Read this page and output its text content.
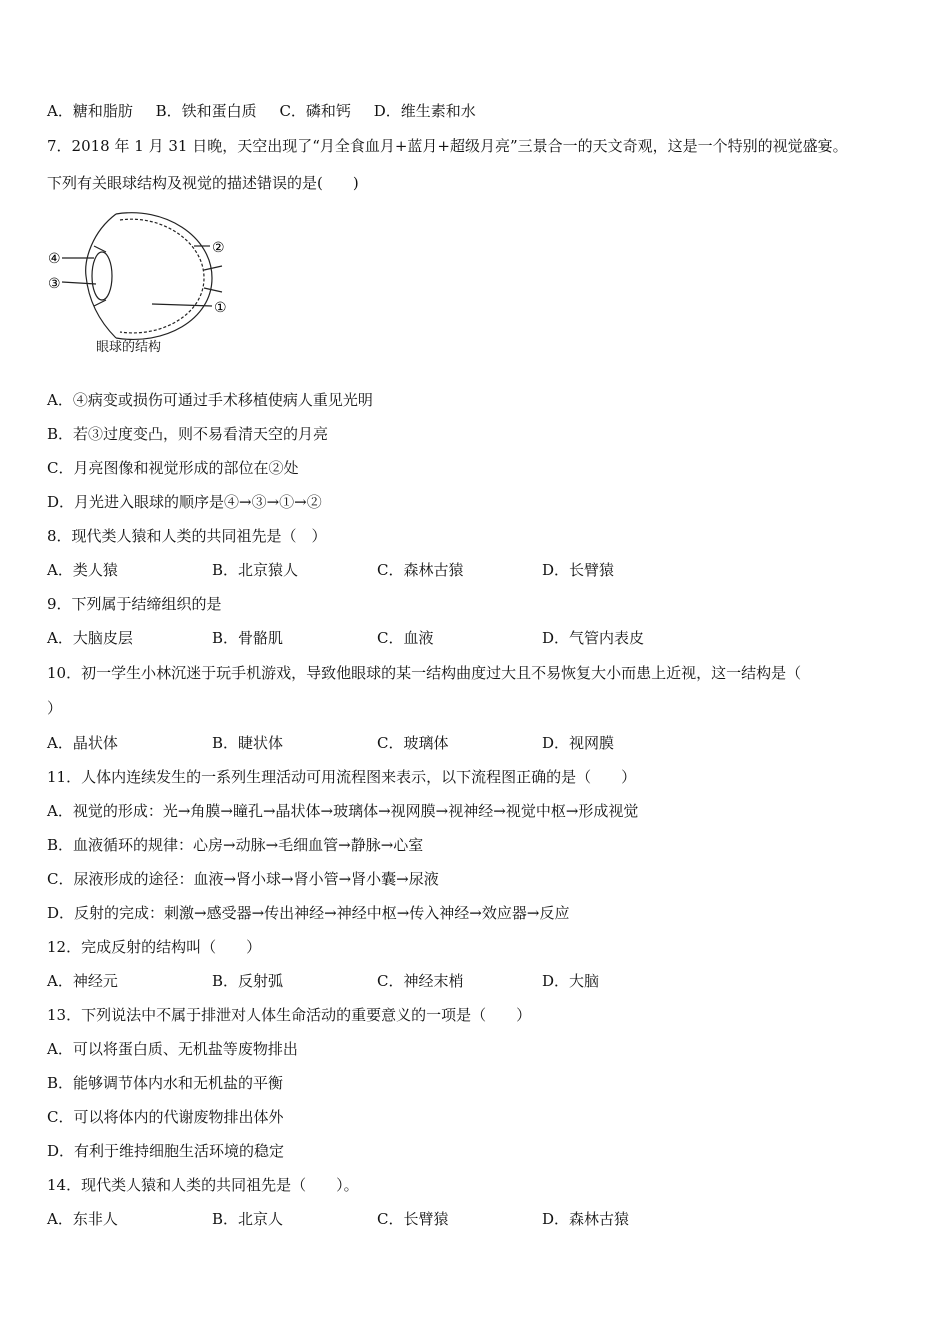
A．糖和脂肪 B．铁和蛋白质 C．磷和钙 D．维生素和水
7．2018 年 1 月 31 日晚，天空出现了“月全食血月+蓝月+超级月亮”三景合一的天文奇观，这是一个特别的视觉盛宴。
下列有关眼球结构及视觉的描述错误的是(　　)
④
③
②
①
眼球的结构
A．④病变或损伤可通过手术移植使病人重见光明
B．若③过度变凸，则不易看清天空的月亮
C．月亮图像和视觉形成的部位在②处
D．月光进入眼球的顺序是④→③→①→②
8．现代类人猿和人类的共同祖先是（　）
A．类人猿	B．北京猿人	C．森林古猿	D．长臂猿
9．下列属于结缔组织的是
A．大脑皮层	B．骨骼肌	C．血液	D．气管内表皮
10．初一学生小林沉迷于玩手机游戏，导致他眼球的某一结构曲度过大且不易恢复大小而患上近视，这一结构是（
）
A．晶状体	B．睫状体	C．玻璃体	D．视网膜
11．人体内连续发生的一系列生理活动可用流程图来表示，以下流程图正确的是（　　）
A．视觉的形成：光→角膜→瞳孔→晶状体→玻璃体→视网膜→视神经→视觉中枢→形成视觉
B．血液循环的规律：心房→动脉→毛细血管→静脉→心室
C．尿液形成的途径：血液→肾小球→肾小管→肾小囊→尿液
D．反射的完成：刺激→感受器→传出神经→神经中枢→传入神经→效应器→反应
12．完成反射的结构叫（　　）
A．神经元	B．反射弧	C．神经末梢	D．大脑
13．下列说法中不属于排泄对人体生命活动的重要意义的一项是（　　）
A．可以将蛋白质、无机盐等废物排出
B．能够调节体内水和无机盐的平衡
C．可以将体内的代谢废物排出体外
D．有利于维持细胞生活环境的稳定
14．现代类人猿和人类的共同祖先是（　　）。
A．东非人	B．北京人	C．长臂猿	D．森林古猿
